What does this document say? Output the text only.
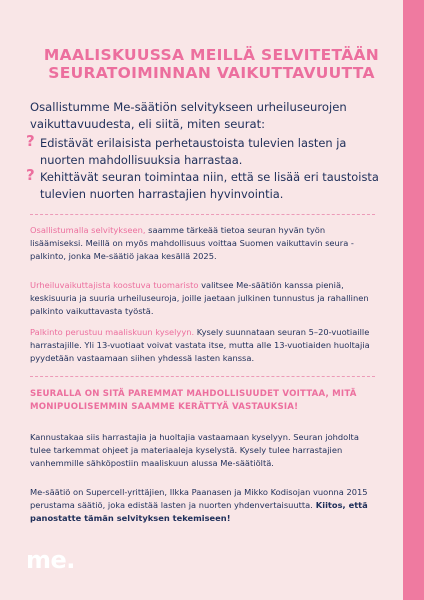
MAALISKUUSSA MEILLÄ SELVITETÄÄN
SEURATOIMINNAN VAIKUTTAVUUTTA

Osallistumme Me-säätiön selvitykseen urheiluseurojen vaikuttavuudesta, eli siitä, miten seurat:

? Edistävät erilaisista perhetaustoista tulevien lasten ja nuorten mahdollisuuksia harrastaa.
? Kehittävät seuran toimintaa niin, että se lisää eri taustoista tulevien nuorten harrastajien hyvinvointia.

Osallistumalla selvitykseen, saamme tärkeää tietoa seuran hyvän työn lisäämiseksi. Meillä on myös mahdollisuus voittaa Suomen vaikuttavin seura -palkinto, jonka Me-säätiö jakaa kesällä 2025.

Urheiluvaikuttajista koostuva tuomaristo valitsee Me-säätiön kanssa pieniä, keskisuuria ja suuria urheiluseuroja, joille jaetaan julkinen tunnustus ja rahallinen palkinto vaikuttavasta työstä.

Palkinto perustuu maaliskuun kyselyyn. Kysely suunnataan seuran 5–20-vuotiaille harrastajille. Yli 13-vuotiaat voivat vastata itse, mutta alle 13-vuotiaiden huoltajia pyydetään vastaamaan siihen yhdessä lasten kanssa.

SEURALLA ON SITÄ PAREMMAT MAHDOLLISUUDET VOITTAA, MITÄ
MONIPUOLISEMMIN SAAMME KERÄTTYÄ VASTAUKSIA!

Kannustakaa siis harrastajia ja huoltajia vastaamaan kyselyyn. Seuran johdolta tulee tarkemmat ohjeet ja materiaaleja kyselystä. Kysely tulee harrastajien vanhemmille sähköpostiin maaliskuun alussa Me-säätiöltä.

Me-säätiö on Supercell-yrittäjien, Ilkka Paanasen ja Mikko Kodisojan vuonna 2015 perustama säätiö, joka edistää lasten ja nuorten yhdenvertaisuutta. Kiitos, että panostatte tämän selvityksen tekemiseen!

me.
